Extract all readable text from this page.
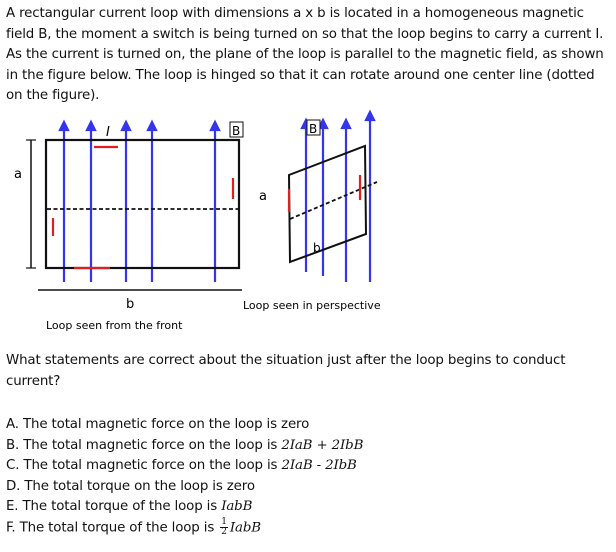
A rectangular current loop with dimensions a x b is located in a homogeneous magnetic field B, the moment a switch is being turned on so that the loop begins to carry a current I. As the current is turned on, the plane of the loop is parallel to the magnetic field, as shown in the figure below. The loop is hinged so that it can rotate around one center line (dotted on the figure).
a
b
I	B
Loop seen from the front
a
b
B
Loop seen in perspective
What statements are correct about the situation just after the loop begins to conduct current?
A. The total magnetic force on the loop is zero
B. The total magnetic force on the loop is 2IaB + 2IbB
C. The total magnetic force on the loop is 2IaB - 2IbB
D. The total torque on the loop is zero
E. The total torque of the loop is IabB
F. The total torque of the loop is $\frac{1}{2}$ IabB
